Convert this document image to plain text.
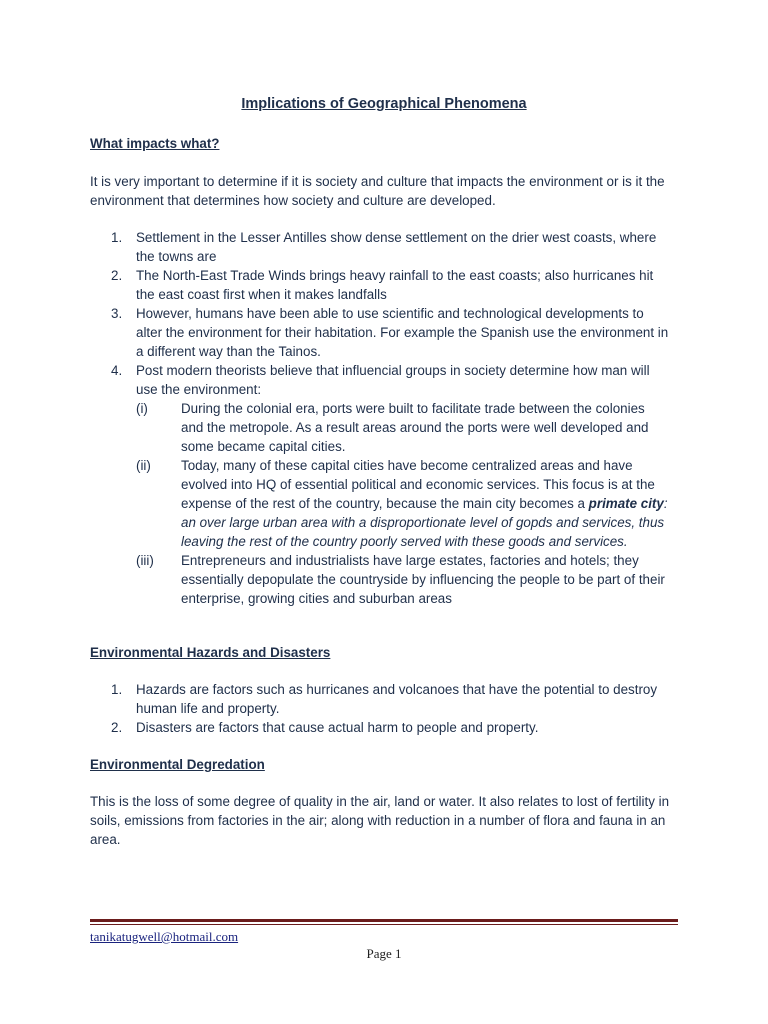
Implications of Geographical Phenomena
What impacts what?

It is very important to determine if it is society and culture that impacts the environment or is it the environment that determines how society and culture are developed.

1. Settlement in the Lesser Antilles show dense settlement on the drier west coasts, where the towns are
2. The North-East Trade Winds brings heavy rainfall to the east coasts; also hurricanes hit the east coast first when it makes landfalls
3. However, humans have been able to use scientific and technological developments to alter the environment for their habitation. For example the Spanish use the environment in a different way than the Tainos.
4. Post modern theorists believe that influencial groups in society determine how man will use the environment:
(i) During the colonial era, ports were built to facilitate trade between the colonies and the metropole. As a result areas around the ports were well developed and some became capital cities.
(ii) Today, many of these capital cities have become centralized areas and have evolved into HQ of essential political and economic services. This focus is at the expense of the rest of the country, because the main city becomes a primate city: an over large urban area with a disproportionate level of gopds and services, thus leaving the rest of the country poorly served with these goods and services.
(iii) Entrepreneurs and industrialists have large estates, factories and hotels; they essentially depopulate the countryside by influencing the people to be part of their enterprise, growing cities and suburban areas
Environmental Hazards and Disasters
1. Hazards are factors such as hurricanes and volcanoes that have the potential to destroy human life and property.
2. Disasters are factors that cause actual harm to people and property.
Environmental Degredation

This is the loss of some degree of quality in the air, land or water. It also relates to lost of fertility in soils, emissions from factories in the air; along with reduction in a number of flora and fauna in an area.

tanikatugwell@hotmail.com
Page 1
